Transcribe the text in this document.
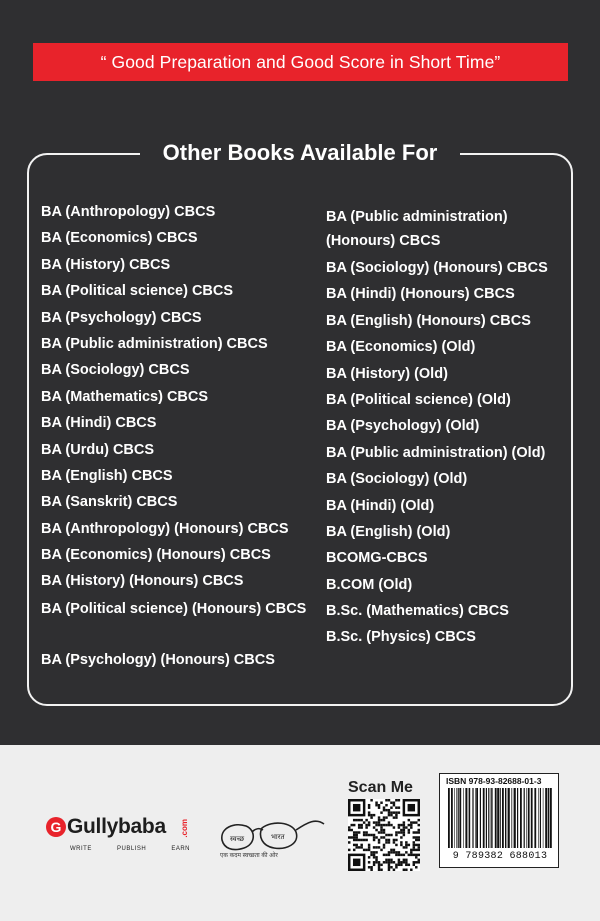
“ Good Preparation and Good Score in Short Time”
Other Books Available For
BA (Anthropology) CBCS
BA (Economics) CBCS
BA (History) CBCS
BA (Political science) CBCS
BA (Psychology) CBCS
BA (Public administration) CBCS
BA (Sociology) CBCS
BA (Mathematics) CBCS
BA (Hindi) CBCS
BA (Urdu) CBCS
BA (English) CBCS
BA (Sanskrit) CBCS
BA (Anthropology) (Honours) CBCS
BA (Economics) (Honours) CBCS
BA (History) (Honours) CBCS
BA (Political science) (Honours) CBCS
BA (Psychology) (Honours) CBCS
BA (Public administration) (Honours) CBCS
BA (Sociology) (Honours) CBCS
BA (Hindi) (Honours) CBCS
BA (English) (Honours) CBCS
BA (Economics) (Old)
BA (History) (Old)
BA (Political science) (Old)
BA (Psychology) (Old)
BA (Public administration) (Old)
BA (Sociology) (Old)
BA (Hindi) (Old)
BA (English) (Old)
BCOMG-CBCS
B.COM (Old)
B.Sc. (Mathematics) CBCS
B.Sc. (Physics) CBCS
G Gullybaba .com
WRITE	PUBLISH	EARN
स्वच्छ	भारत
एक कदम स्वच्छता की ओर
Scan Me	ISBN 978-93-82688-01-3
9 789382 688013
